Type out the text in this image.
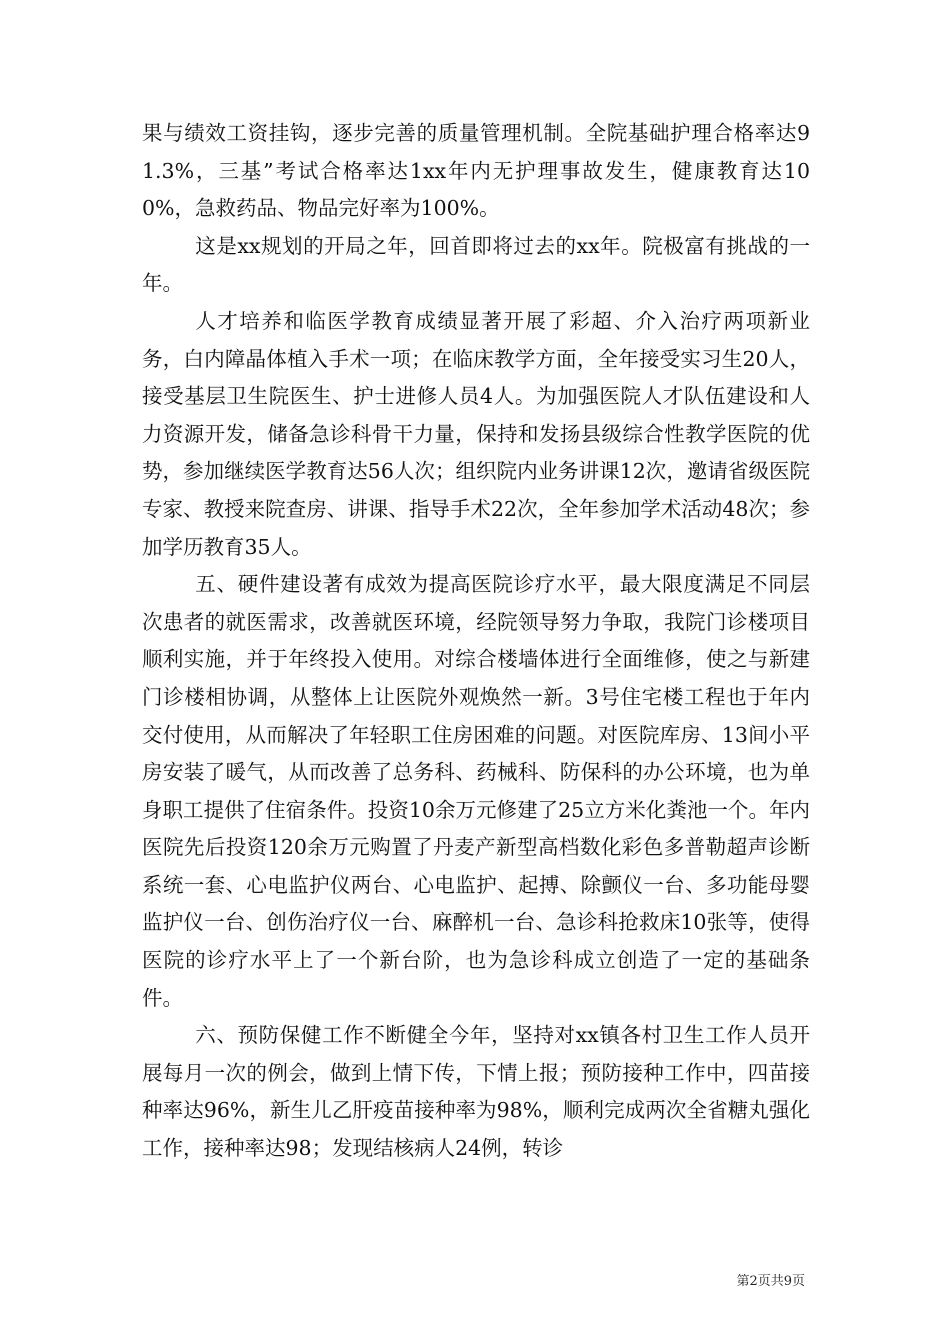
果与绩效工资挂钩，逐步完善的质量管理机制。全院基础护理合格率达91.3%，三基”考试合格率达1xx年内无护理事故发生，健康教育达100%，急救药品、物品完好率为100%。

这是xx规划的开局之年，回首即将过去的xx年。院极富有挑战的一年。

人才培养和临医学教育成绩显著开展了彩超、介入治疗两项新业务，白内障晶体植入手术一项；在临床教学方面，全年接受实习生20人，接受基层卫生院医生、护士进修人员4人。为加强医院人才队伍建设和人力资源开发，储备急诊科骨干力量，保持和发扬县级综合性教学医院的优势，参加继续医学教育达56人次；组织院内业务讲课12次，邀请省级医院专家、教授来院查房、讲课、指导手术22次，全年参加学术活动48次；参加学历教育35人。

五、硬件建设著有成效为提高医院诊疗水平，最大限度满足不同层次患者的就医需求，改善就医环境，经院领导努力争取，我院门诊楼项目顺利实施，并于年终投入使用。对综合楼墙体进行全面维修，使之与新建门诊楼相协调，从整体上让医院外观焕然一新。3号住宅楼工程也于年内交付使用，从而解决了年轻职工住房困难的问题。对医院库房、13间小平房安装了暖气，从而改善了总务科、药械科、防保科的办公环境，也为单身职工提供了住宿条件。投资10余万元修建了25立方米化粪池一个。年内医院先后投资120余万元购置了丹麦产新型高档数化彩色多普勒超声诊断系统一套、心电监护仪两台、心电监护、起搏、除颤仪一台、多功能母婴监护仪一台、创伤治疗仪一台、麻醉机一台、急诊科抢救床10张等，使得医院的诊疗水平上了一个新台阶，也为急诊科成立创造了一定的基础条件。

六、预防保健工作不断健全今年，坚持对xx镇各村卫生工作人员开展每月一次的例会，做到上情下传，下情上报；预防接种工作中，四苗接种率达96%，新生儿乙肝疫苗接种率为98%，顺利完成两次全省糖丸强化工作，接种率达98；发现结核病人24例，转诊

第2页共9页
